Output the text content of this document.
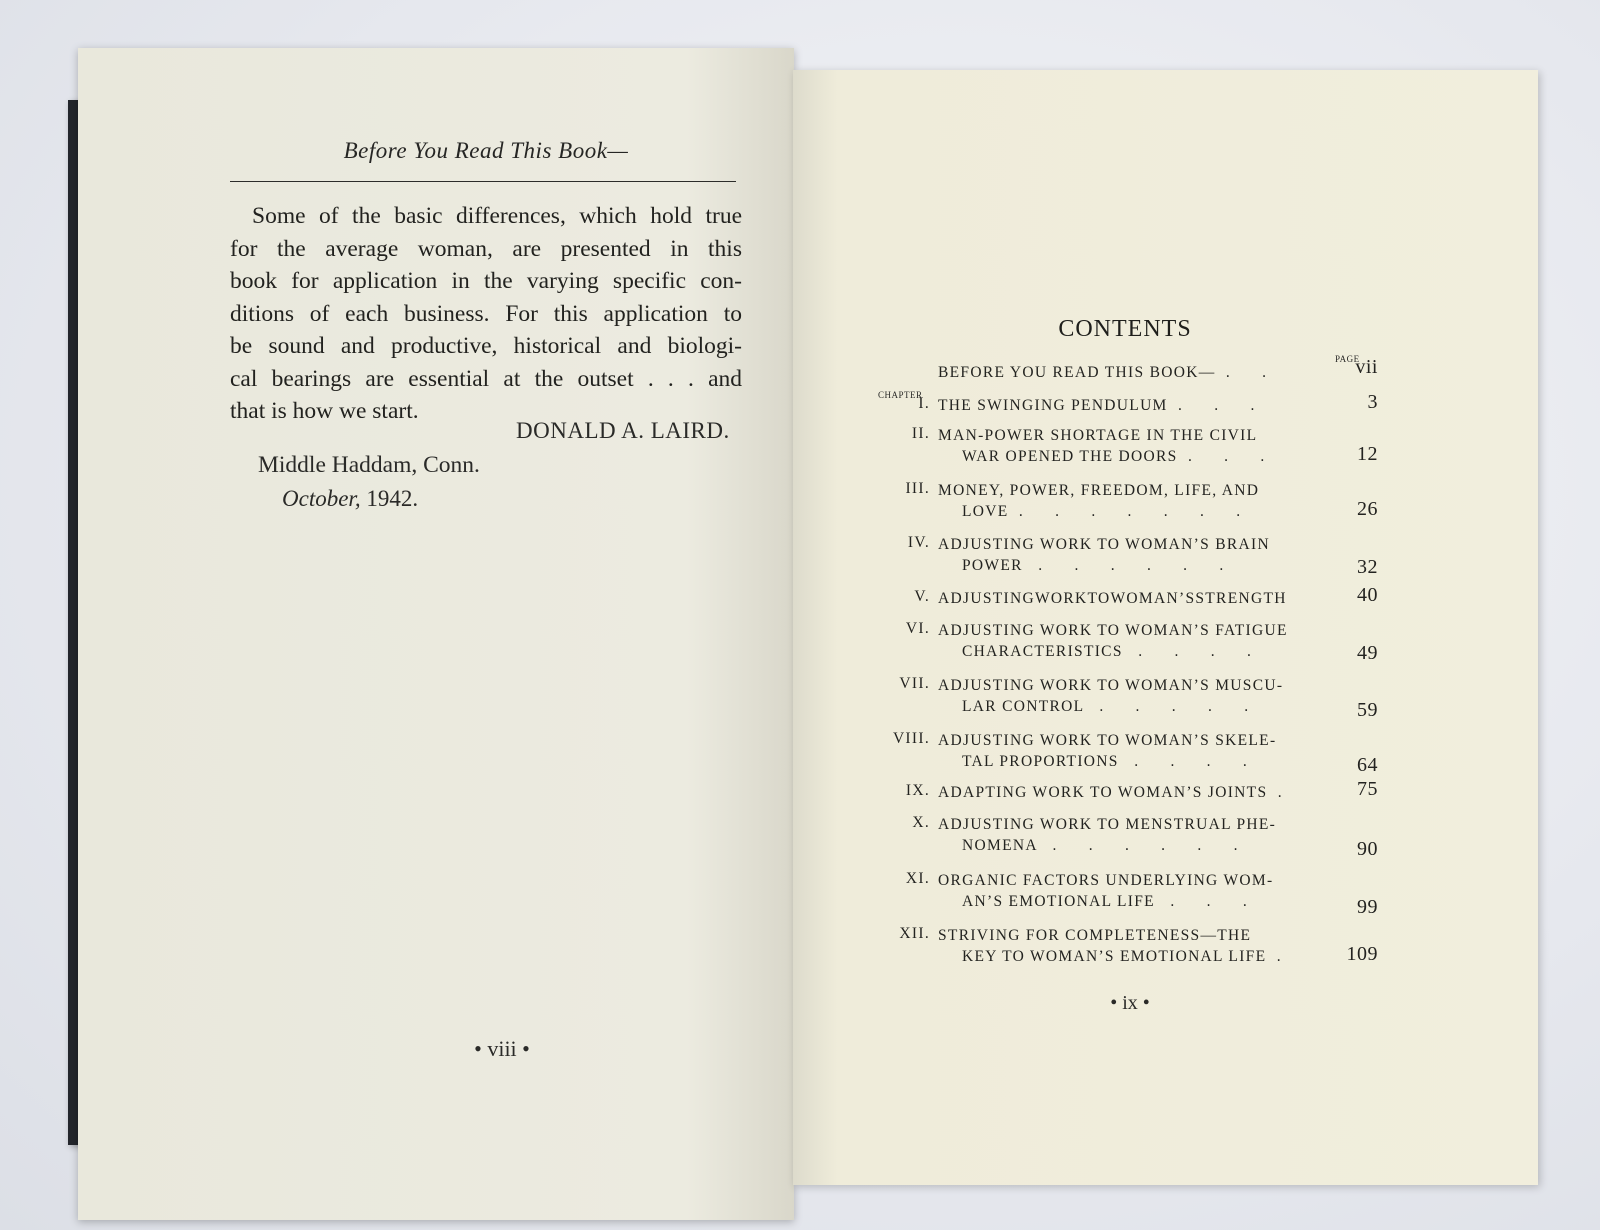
Before You Read This Book—
Some of the basic differences, which hold true
for the average woman, are presented in this
book for application in the varying specific con-
ditions of each business. For this application to
be sound and productive, historical and biologi-
cal bearings are essential at the outset . . . and
that is how we start.
DONALD A. LAIRD.
Middle Haddam, Conn.
October, 1942.
• viii •
CONTENTS
PAGE
CHAPTER
BEFORE YOU READ THIS BOOK—  .      .	vii
I. THE SWINGING PENDULUM  .      .      .	3
II. MAN-POWER SHORTAGE IN THE CIVIL
WAR OPENED THE DOORS  .      .      .	12
III. MONEY, POWER, FREEDOM, LIFE, AND
LOVE  .      .      .      .      .      .      .	26
IV. ADJUSTING WORK TO WOMAN’S BRAIN
POWER   .      .      .      .      .      .	32
V. ADJUSTINGWORKTOWOMAN’SSTRENGTH	40
VI. ADJUSTING WORK TO WOMAN’S FATIGUE
CHARACTERISTICS   .      .      .      .	49
VII. ADJUSTING WORK TO WOMAN’S MUSCU-
LAR CONTROL   .      .      .      .      .	59
VIII. ADJUSTING WORK TO WOMAN’S SKELE-
TAL PROPORTIONS   .      .      .      .	64
IX. ADAPTING WORK TO WOMAN’S JOINTS  .	75
X. ADJUSTING WORK TO MENSTRUAL PHE-
NOMENA   .      .      .      .      .      .	90
XI. ORGANIC FACTORS UNDERLYING WOM-
AN’S EMOTIONAL LIFE   .      .      .	99
XII. STRIVING FOR COMPLETENESS—THE
KEY TO WOMAN’S EMOTIONAL LIFE  .	109
• ix •
